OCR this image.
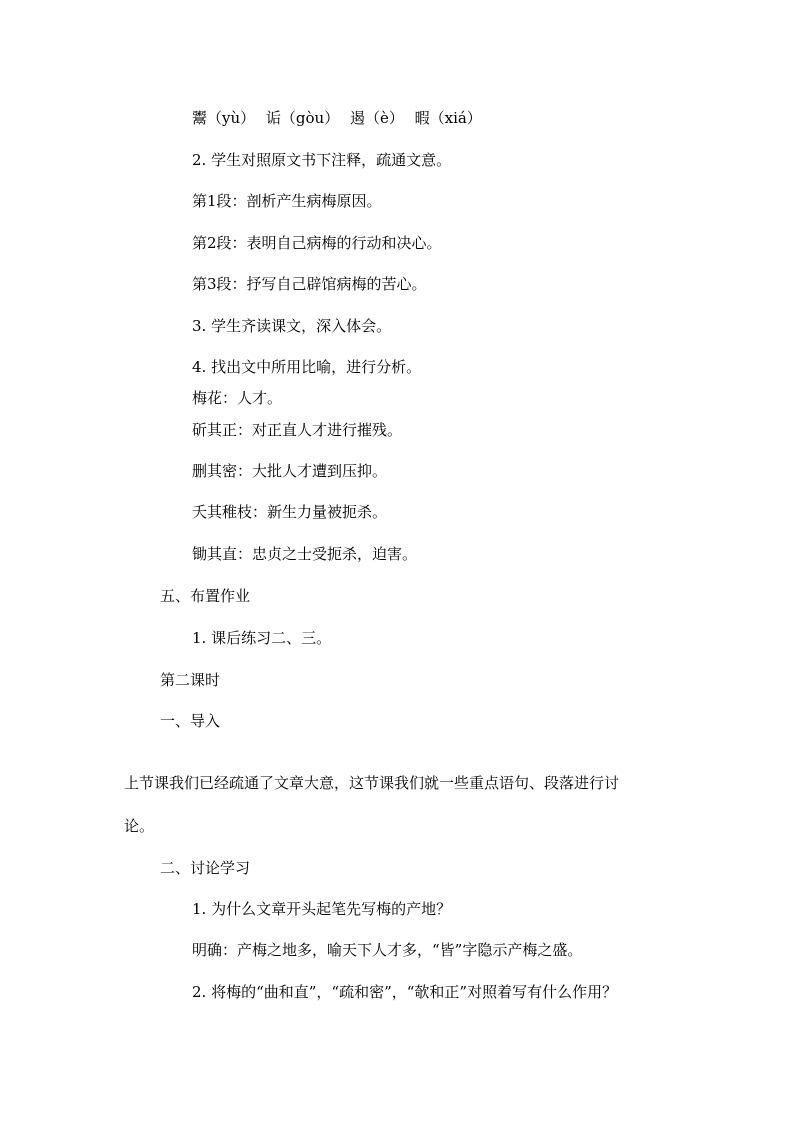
鬻（yù） 诟（gòu） 遏（è） 暇（xiá）
2. 学生对照原文书下注释，疏通文意。
第1段：剖析产生病梅原因。
第2段：表明自己病梅的行动和决心。
第3段：抒写自己辟馆病梅的苦心。
3. 学生齐读课文，深入体会。
4. 找出文中所用比喻，进行分析。
梅花：人才。
斫其正：对正直人才进行摧残。
删其密：大批人才遭到压抑。
夭其稚枝：新生力量被扼杀。
锄其直：忠贞之士受扼杀，迫害。
五、布置作业
1. 课后练习二、三。
第二课时
一、导入
上节课我们已经疏通了文章大意，这节课我们就一些重点语句、段落进行讨
论。
二、讨论学习
1. 为什么文章开头起笔先写梅的产地？
明确：产梅之地多，喻天下人才多，“皆”字隐示产梅之盛。
2. 将梅的“曲和直”，“疏和密”，“欹和正”对照着写有什么作用？
